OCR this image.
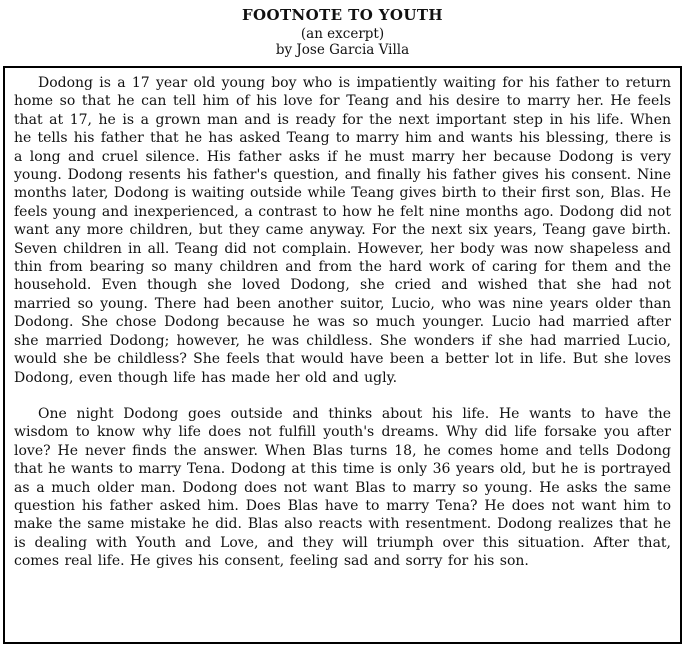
FOOTNOTE TO YOUTH
(an excerpt)
by Jose Garcia Villa

Dodong is a 17 year old young boy who is impatiently waiting for his father to return home so that he can tell him of his love for Teang and his desire to marry her. He feels that at 17, he is a grown man and is ready for the next important step in his life. When he tells his father that he has asked Teang to marry him and wants his blessing, there is a long and cruel silence. His father asks if he must marry her because Dodong is very young. Dodong resents his father's question, and finally his father gives his consent. Nine months later, Dodong is waiting outside while Teang gives birth to their first son, Blas. He feels young and inexperienced, a contrast to how he felt nine months ago. Dodong did not want any more children, but they came anyway. For the next six years, Teang gave birth. Seven children in all. Teang did not complain. However, her body was now shapeless and thin from bearing so many children and from the hard work of caring for them and the household. Even though she loved Dodong, she cried and wished that she had not married so young. There had been another suitor, Lucio, who was nine years older than Dodong. She chose Dodong because he was so much younger. Lucio had married after she married Dodong; however, he was childless. She wonders if she had married Lucio, would she be childless? She feels that would have been a better lot in life. But she loves Dodong, even though life has made her old and ugly.

One night Dodong goes outside and thinks about his life. He wants to have the wisdom to know why life does not fulfill youth's dreams. Why did life forsake you after love? He never finds the answer. When Blas turns 18, he comes home and tells Dodong that he wants to marry Tena. Dodong at this time is only 36 years old, but he is portrayed as a much older man. Dodong does not want Blas to marry so young. He asks the same question his father asked him. Does Blas have to marry Tena? He does not want him to make the same mistake he did. Blas also reacts with resentment. Dodong realizes that he is dealing with Youth and Love, and they will triumph over this situation. After that, comes real life. He gives his consent, feeling sad and sorry for his son.
